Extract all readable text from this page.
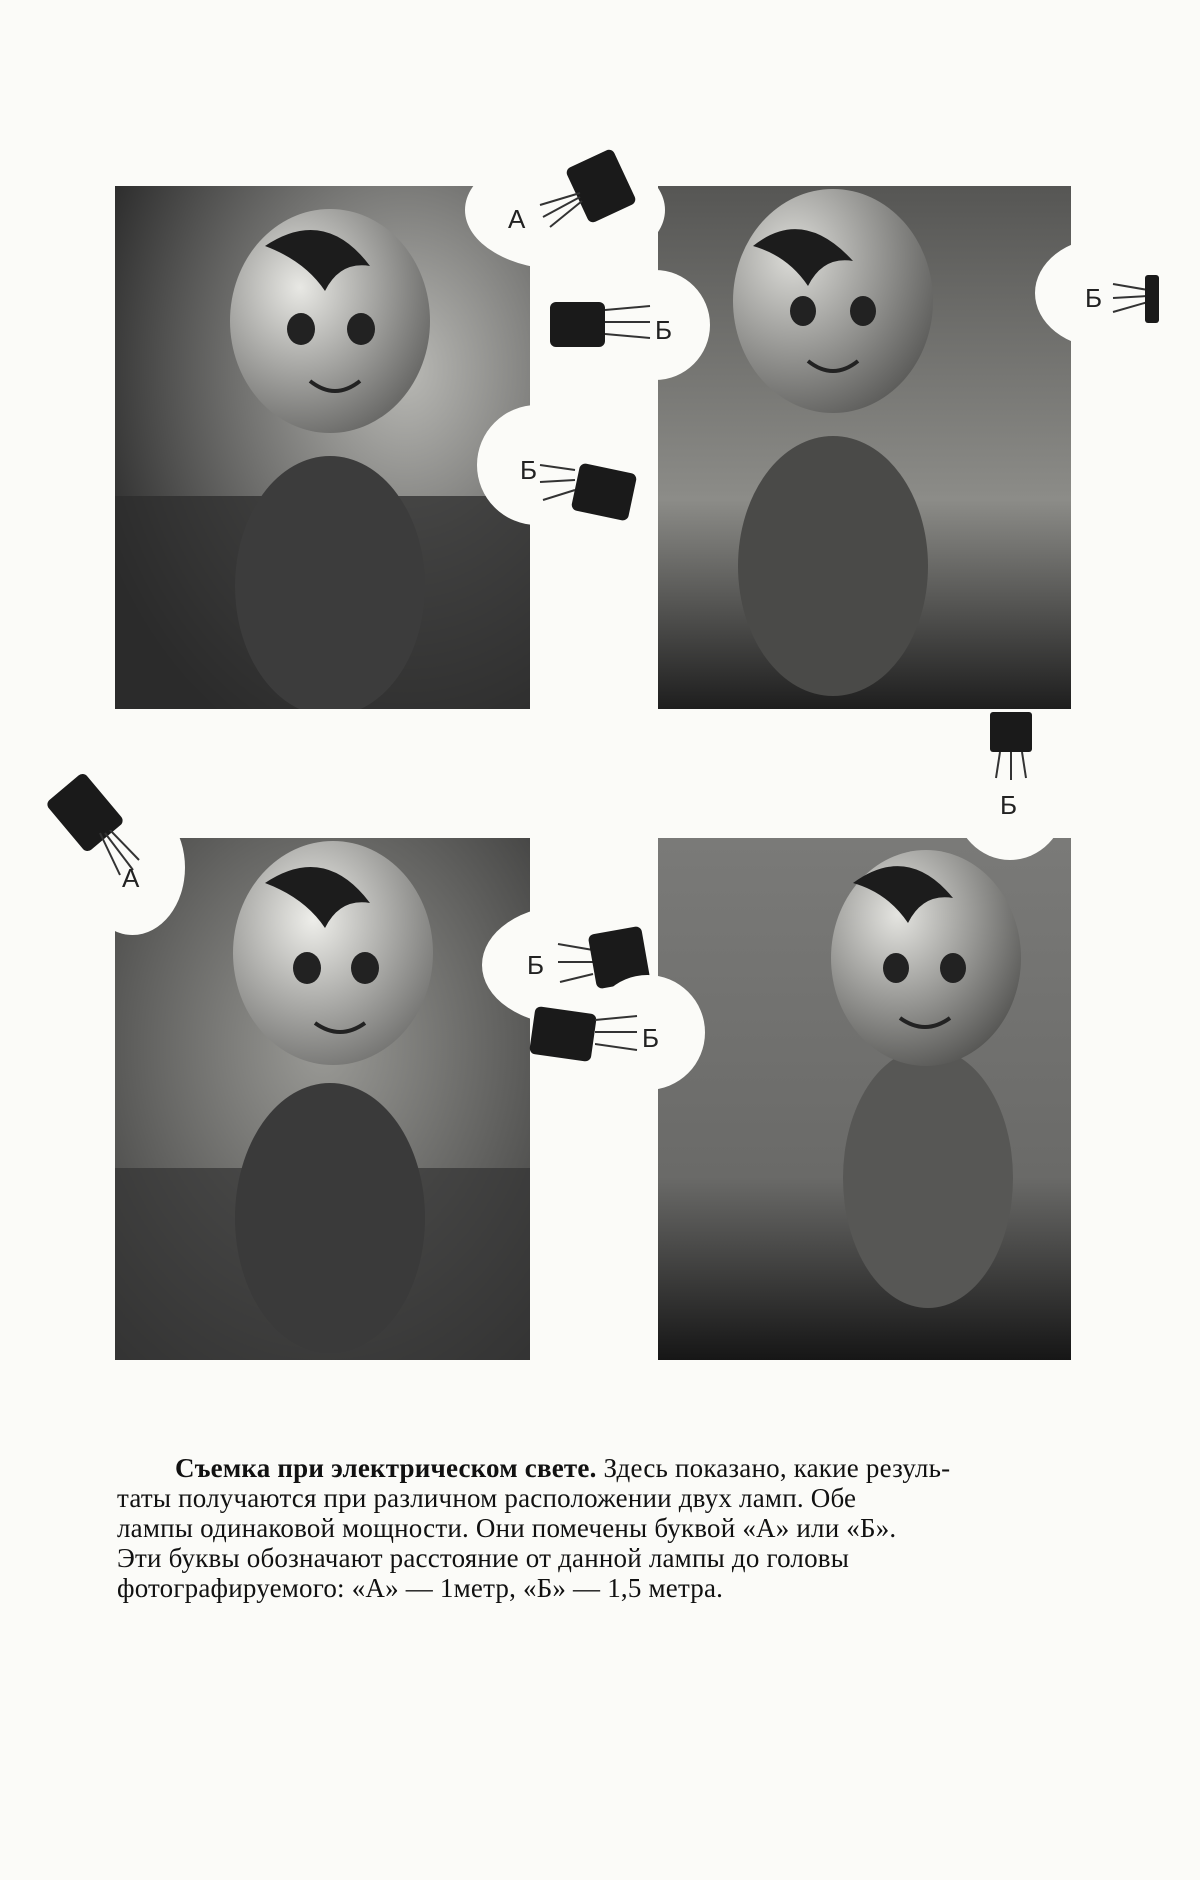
А
Б
Б
Б
А
Б
Б
Б
Съемка при электрическом свете. Здесь показано, какие резуль-
таты получаются при различном расположении двух ламп. Обе
лампы одинаковой мощности. Они помечены буквой «А» или «Б».
Эти буквы обозначают расстояние от данной лампы до головы
фотографируемого: «А» — 1метр, «Б» — 1,5 метра.
